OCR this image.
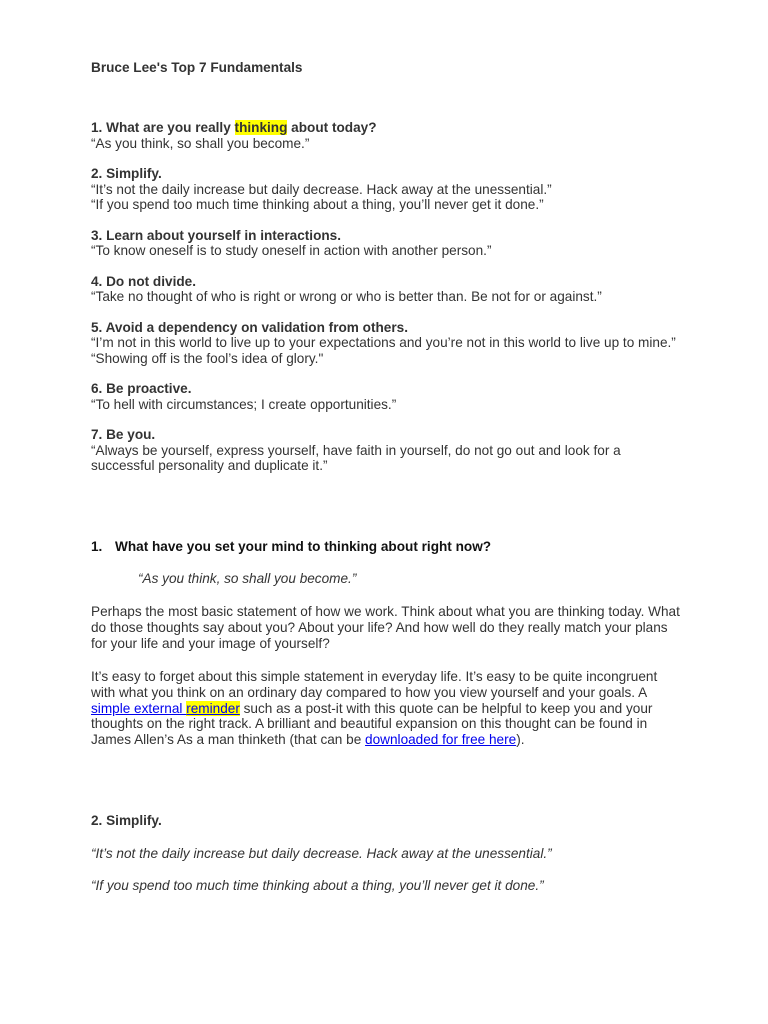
Bruce Lee's Top 7 Fundamentals
1. What are you really thinking about today?
“As you think, so shall you become.”
2. Simplify.
“It’s not the daily increase but daily decrease. Hack away at the unessential.”
“If you spend too much time thinking about a thing, you’ll never get it done.”
3. Learn about yourself in interactions.
“To know oneself is to study oneself in action with another person.”
4. Do not divide.
“Take no thought of who is right or wrong or who is better than. Be not for or against.”
5. Avoid a dependency on validation from others.
“I’m not in this world to live up to your expectations and you’re not in this world to live up to mine.”
“Showing off is the fool’s idea of glory."
6. Be proactive.
“To hell with circumstances; I create opportunities.”
7. Be you.
“Always be yourself, express yourself, have faith in yourself, do not go out and look for a successful personality and duplicate it.”
1. What have you set your mind to thinking about right now?
“As you think, so shall you become.”
Perhaps the most basic statement of how we work. Think about what you are thinking today. What do those thoughts say about you? About your life? And how well do they really match your plans for your life and your image of yourself?
It’s easy to forget about this simple statement in everyday life. It’s easy to be quite incongruent with what you think on an ordinary day compared to how you view yourself and your goals. A simple external reminder such as a post-it with this quote can be helpful to keep you and your thoughts on the right track. A brilliant and beautiful expansion on this thought can be found in James Allen’s As a man thinketh (that can be downloaded for free here).
2. Simplify.
“It’s not the daily increase but daily decrease. Hack away at the unessential.”
“If you spend too much time thinking about a thing, you’ll never get it done.”
